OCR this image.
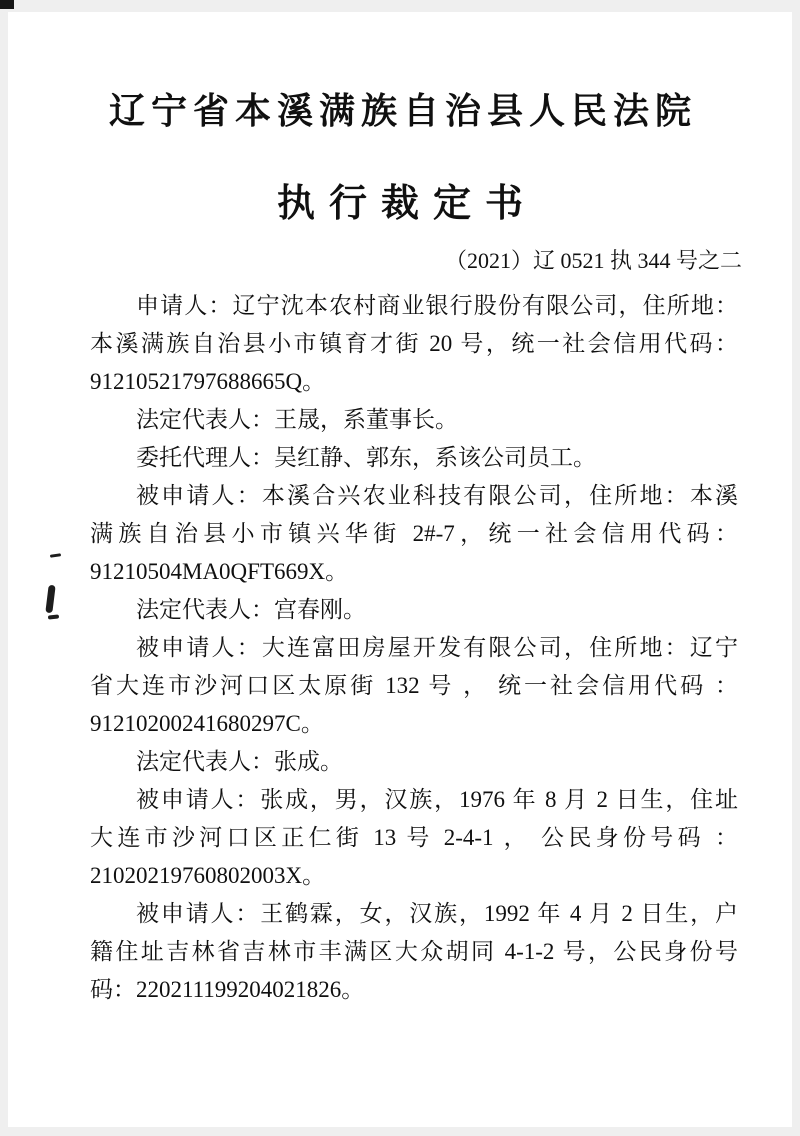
辽宁省本溪满族自治县人民法院
执行裁定书
（2021）辽 0521 执 344 号之二
申请人：辽宁沈本农村商业银行股份有限公司，住所地：
本溪满族自治县小市镇育才街 20 号，统一社会信用代码：
91210521797688665Q。
法定代表人：王晟，系董事长。
委托代理人：吴红静、郭东，系该公司员工。
被申请人：本溪合兴农业科技有限公司，住所地：本溪
满族自治县小市镇兴华街 2#-7，统一社会信用代码：
91210504MA0QFT669X。
法定代表人：宫春刚。
被申请人：大连富田房屋开发有限公司，住所地：辽宁
省大连市沙河口区太原街 132 号 ， 统一社会信用代码 ：
91210200241680297C。
法定代表人：张成。
被申请人：张成，男，汉族，1976 年 8 月 2 日生，住址
大连市沙河口区正仁街 13 号 2-4-1 ， 公民身份号码 ：
21020219760802003X。
被申请人：王鹤霖，女，汉族，1992 年 4 月 2 日生，户
籍住址吉林省吉林市丰满区大众胡同 4-1-2 号，公民身份号
码：220211199204021826。
